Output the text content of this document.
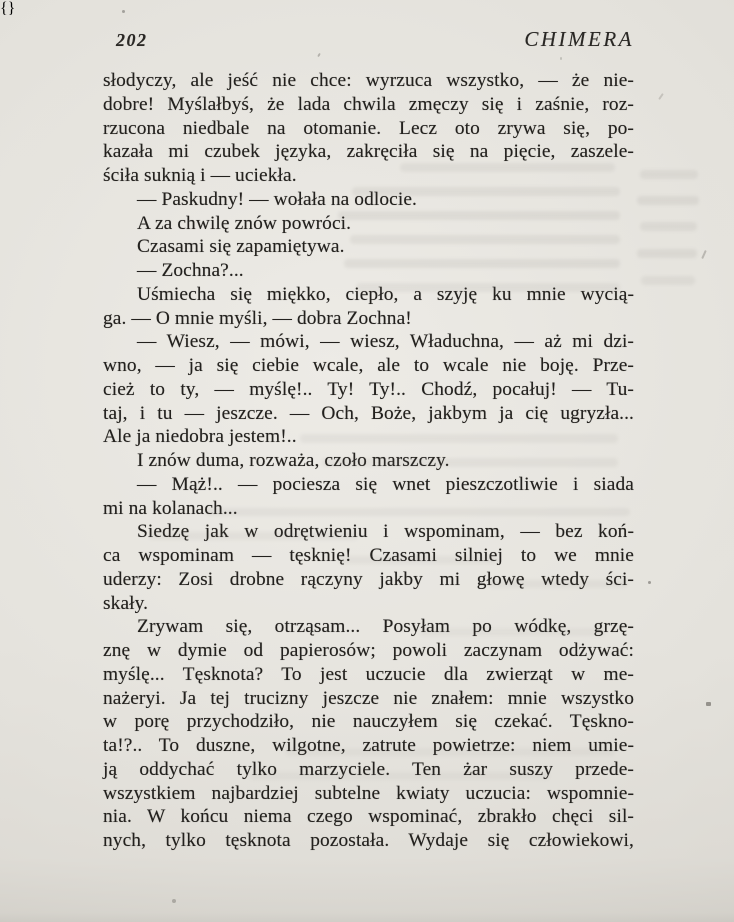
202	CHIMERA
słodyczy, ale jeść nie chce: wyrzuca wszystko, — że nie-
dobre! Myślałbyś, że lada chwila zmęczy się i zaśnie, roz-
rzucona niedbale na otomanie. Lecz oto zrywa się, po-
kazała mi czubek języka, zakręciła się na pięcie, zaszele-
ściła suknią i — uciekła.
— Paskudny! — wołała na odlocie.
A za chwilę znów powróci.
Czasami się zapamiętywa.
— Zochna?...
Uśmiecha się miękko, ciepło, a szyję ku mnie wycią-
ga. — O mnie myśli, — dobra Zochna!
— Wiesz, — mówi, — wiesz, Właduchna, — aż mi dzi-
wno, — ja się ciebie wcale, ale to wcale nie boję. Prze-
cież to ty, — myślę!.. Ty! Ty!.. Chodź, pocałuj! — Tu-
taj, i tu — jeszcze. — Och, Boże, jakbym ja cię ugryzła...
Ale ja niedobra jestem!..
I znów duma, rozważa, czoło marszczy.
— Mąż!.. — pociesza się wnet pieszczotliwie i siada
mi na kolanach...
Siedzę jak w odrętwieniu i wspominam, — bez koń-
ca wspominam — tęsknię! Czasami silniej to we mnie
uderzy: Zosi drobne rączyny jakby mi głowę wtedy ści-
skały.
Zrywam się, otrząsam... Posyłam po wódkę, grzę-
znę w dymie od papierosów; powoli zaczynam odżywać:
myślę... Tęsknota? To jest uczucie dla zwierząt w me-
nażeryi. Ja tej trucizny jeszcze nie znałem: mnie wszystko
w porę przychodziło, nie nauczyłem się czekać. Tęskno-
ta!?.. To duszne, wilgotne, zatrute powietrze: niem umie-
ją oddychać tylko marzyciele. Ten żar suszy przede-
wszystkiem najbardziej subtelne kwiaty uczucia: wspomnie-
nia. W końcu niema czego wspominać, zbrakło chęci sil-
nych, tylko tęsknota pozostała. Wydaje się człowiekowi,
{}
